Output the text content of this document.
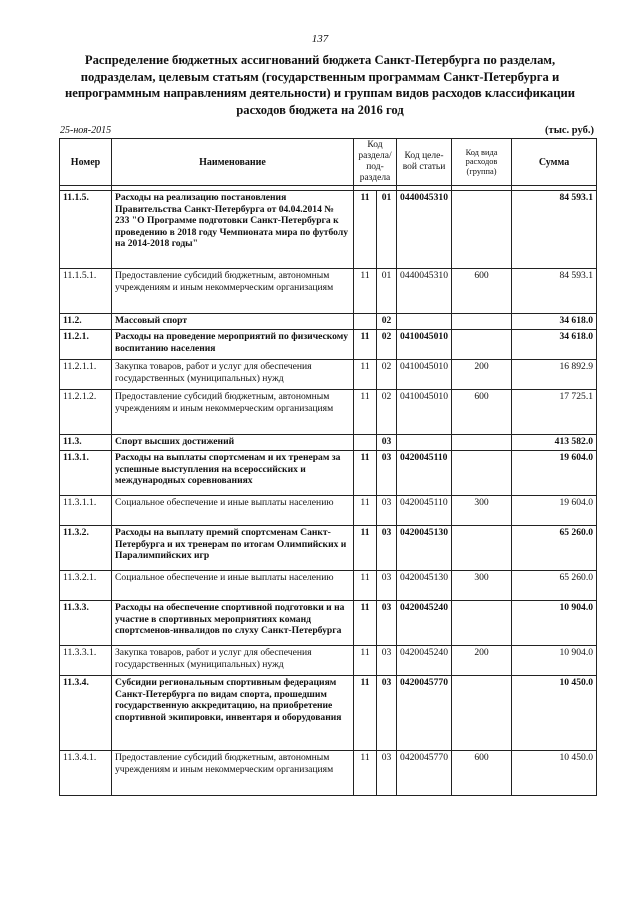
137
Распределение бюджетных ассигнований бюджета Санкт-Петербурга по разделам, подразделам, целевым статьям (государственным программам Санкт-Петербурга и непрограммным направлениям деятельности) и группам видов расходов классификации расходов бюджета на 2016 год
25-ноя-2015	(тыс. руб.)
Номер	Наименование	Код раздела/ под- раздела		Код целе- вой статьи	Код вида расходов (группа)	Сумма

11.1.5.	Расходы на реализацию постановления Правительства Санкт-Петербурга от 04.04.2014 № 233 "О Программе подготовки Санкт-Петербурга к проведению в 2018 году Чемпионата мира по футболу на 2014-2018 годы"	11	01	0440045310		84 593.1
11.1.5.1.	Предоставление субсидий бюджетным, автономным учреждениям и иным некоммерческим организациям	11	01	0440045310	600	84 593.1
11.2.	Массовый спорт		02			34 618.0
11.2.1.	Расходы на проведение мероприятий по физическому воспитанию населения	11	02	0410045010		34 618.0
11.2.1.1.	Закупка товаров, работ и услуг для обеспечения государственных (муниципальных) нужд	11	02	0410045010	200	16 892.9
11.2.1.2.	Предоставление субсидий бюджетным, автономным учреждениям и иным некоммерческим организациям	11	02	0410045010	600	17 725.1
11.3.	Спорт высших достижений		03			413 582.0
11.3.1.	Расходы на выплаты спортсменам и их тренерам за успешные выступления на всероссийских и международных соревнованиях	11	03	0420045110		19 604.0
11.3.1.1.	Социальное обеспечение и иные выплаты населению	11	03	0420045110	300	19 604.0
11.3.2.	Расходы на выплату премий спортсменам Санкт-Петербурга и их тренерам по итогам Олимпийских и Паралимпийских игр	11	03	0420045130		65 260.0
11.3.2.1.	Социальное обеспечение и иные выплаты населению	11	03	0420045130	300	65 260.0
11.3.3.	Расходы на обеспечение спортивной подготовки и на участие в спортивных мероприятиях команд спортсменов-инвалидов по слуху Санкт-Петербурга	11	03	0420045240		10 904.0
11.3.3.1.	Закупка товаров, работ и услуг для обеспечения государственных (муниципальных) нужд	11	03	0420045240	200	10 904.0
11.3.4.	Субсидии региональным спортивным федерациям Санкт-Петербурга по видам спорта, прошедшим государственную аккредитацию, на приобретение спортивной экипировки, инвентаря и оборудования	11	03	0420045770		10 450.0
11.3.4.1.	Предоставление субсидий бюджетным, автономным учреждениям и иным некоммерческим организациям	11	03	0420045770	600	10 450.0
